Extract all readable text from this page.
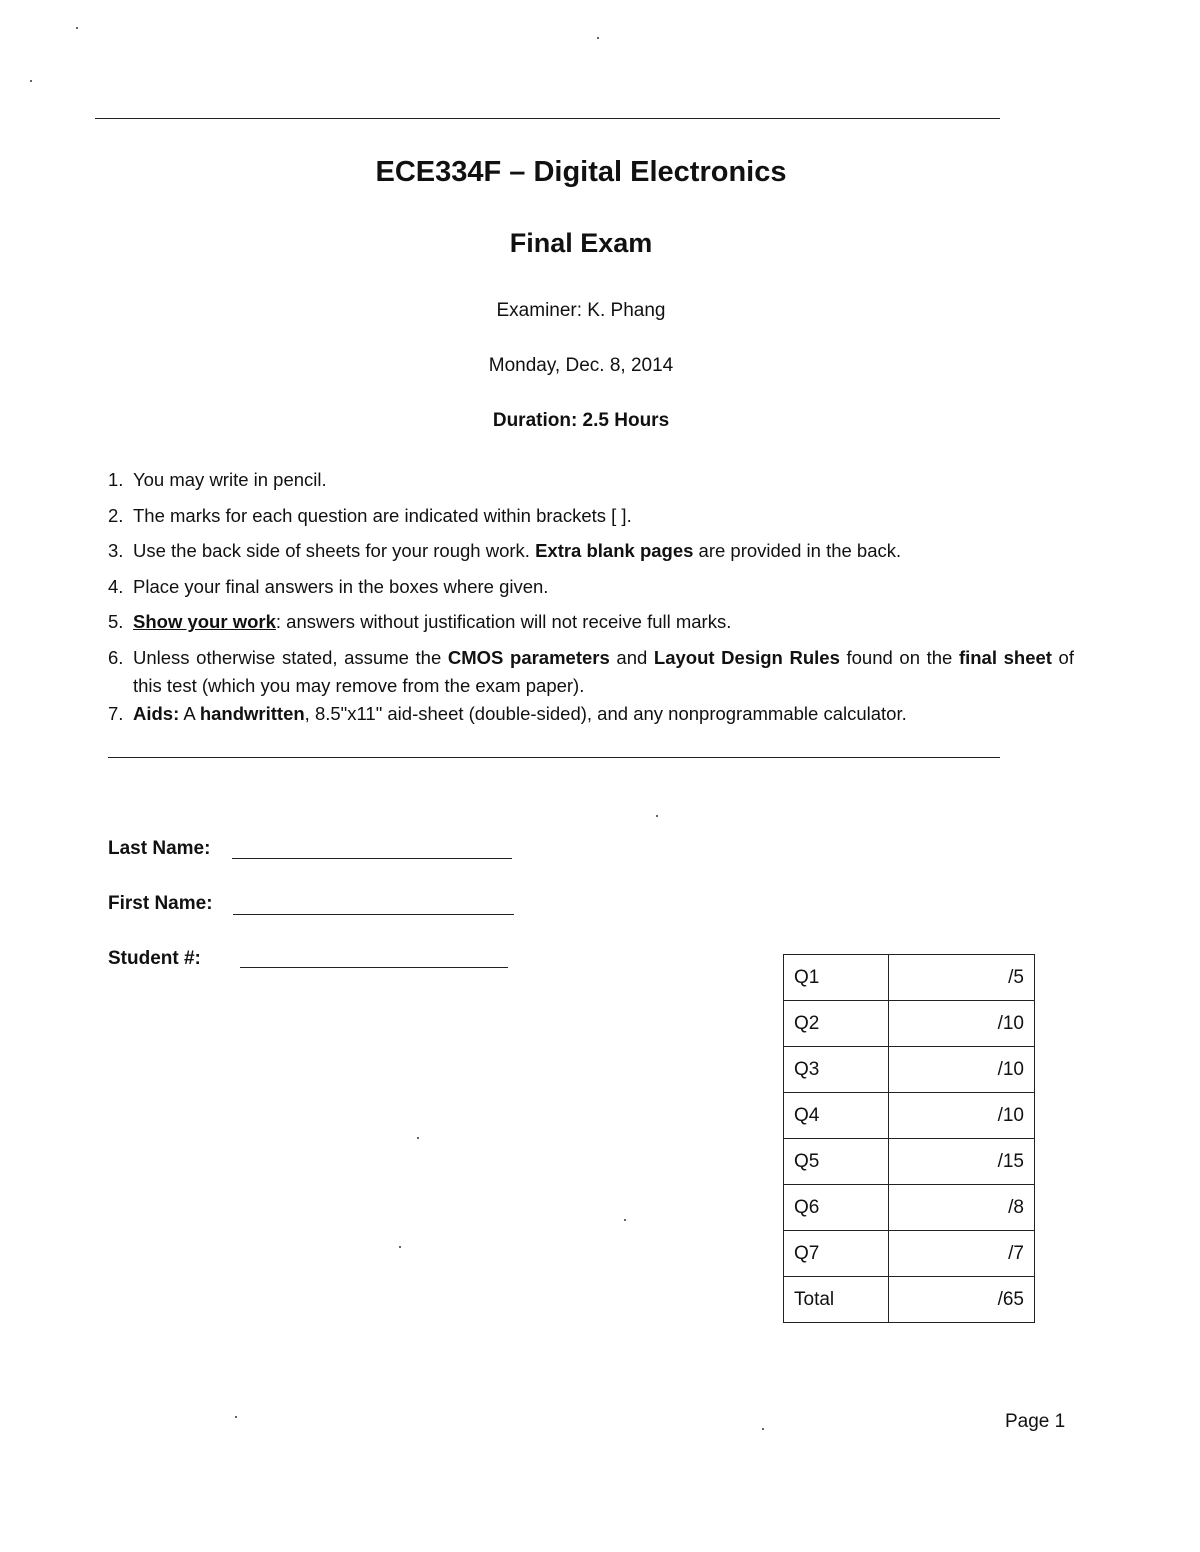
ECE334F – Digital Electronics
Final Exam
Examiner: K. Phang
Monday, Dec. 8, 2014
Duration: 2.5 Hours
1. You may write in pencil.
2. The marks for each question are indicated within brackets [ ].
3. Use the back side of sheets for your rough work. Extra blank pages are provided in the back.
4. Place your final answers in the boxes where given.
5. Show your work: answers without justification will not receive full marks.
6. Unless otherwise stated, assume the CMOS parameters and Layout Design Rules found on the final sheet of this test (which you may remove from the exam paper).
7. Aids: A handwritten, 8.5"x11" aid-sheet (double-sided), and any nonprogrammable calculator.
Last Name:
First Name:
Student #:
Q1	/5
Q2	/10
Q3	/10
Q4	/10
Q5	/15
Q6	/8
Q7	/7
Total	/65
Page 1
